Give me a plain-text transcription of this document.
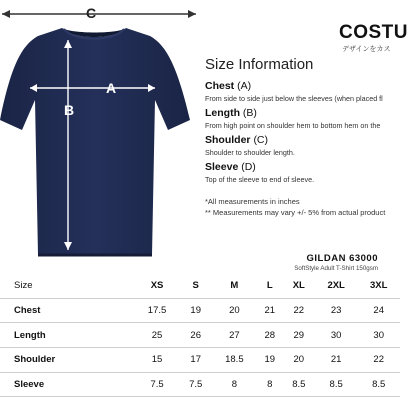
C
A
B
COSTU
デザインをカス
Size Information
Chest (A)
From side to side just below the sleeves (when placed fl
Length (B)
From high point on shoulder hem to bottom hem on the
Shoulder (C)
Shoulder to shoulder length.
Sleeve (D)
Top of the sleeve to end of sleeve.
*All measurements in inches
** Measurements may vary +/- 5% from actual product
GILDAN 63000
SoftStyle Adult T-Shirt 150gsm
Size	XS	S	M	L	XL	2XL	3XL
Chest	17.5	19	20	21	22	23	24
Length	25	26	27	28	29	30	30
Shoulder	15	17	18.5	19	20	21	22
Sleeve	7.5	7.5	8	8	8.5	8.5	8.5
